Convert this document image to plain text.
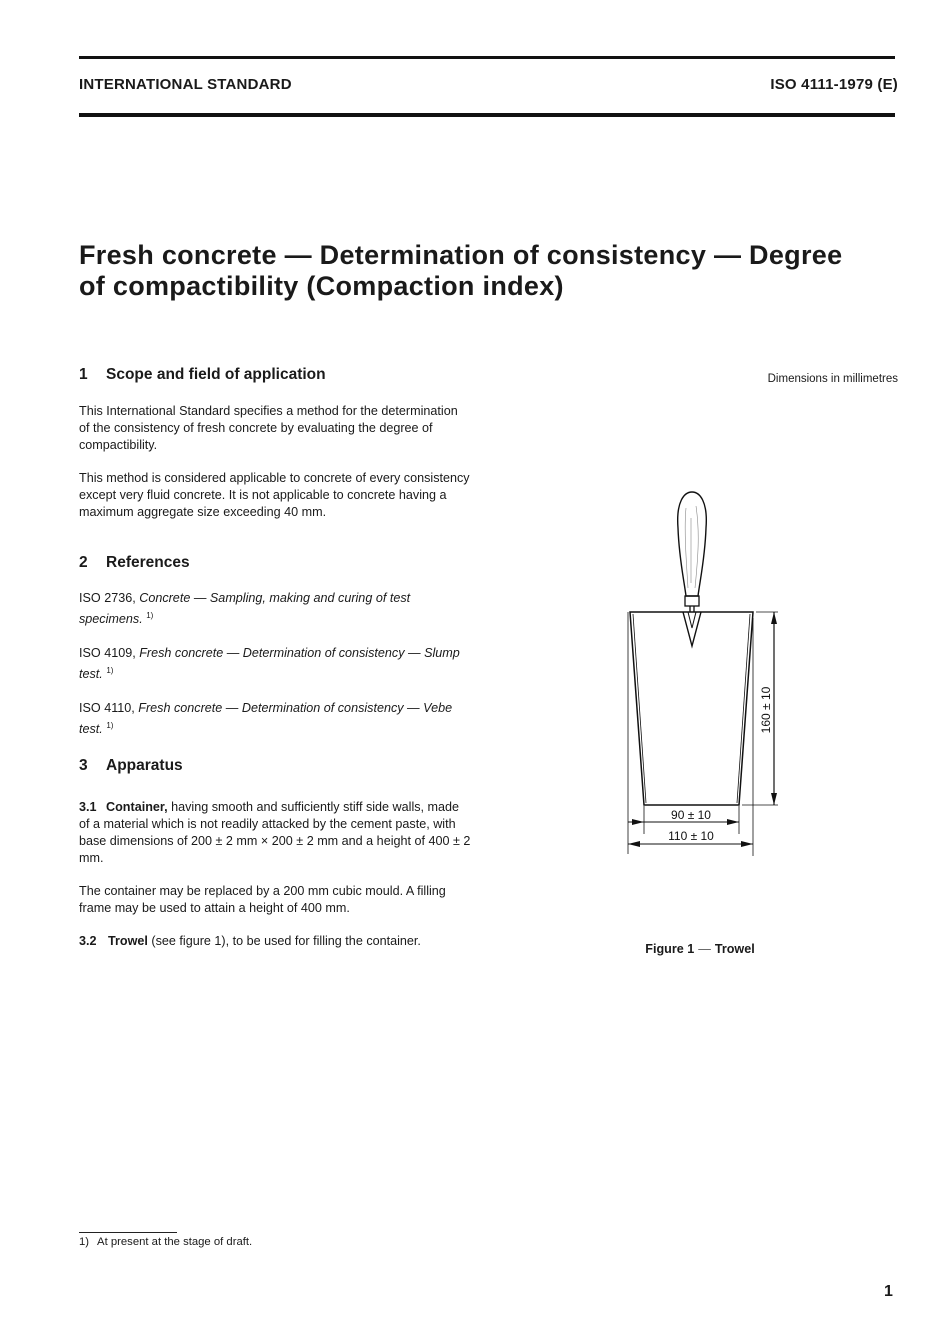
INTERNATIONAL STANDARD	ISO 4111-1979 (E)
Fresh concrete — Determination of consistency — Degree
of compactibility (Compaction index)
1	Scope and field of application

This International Standard specifies a method for the determination of the consistency of fresh concrete by evaluating the degree of compactibility.

This method is considered applicable to concrete of every consistency except very fluid concrete. It is not applicable to concrete having a maximum aggregate size exceeding 40 mm.

2	References

ISO 2736, Concrete — Sampling, making and curing of test specimens. $^{1)}$

ISO 4109, Fresh concrete — Determination of consistency — Slump test. $^{1)}$

ISO 4110, Fresh concrete — Determination of consistency — Vebe test. $^{1)}$

3	Apparatus

3.1 Container, having smooth and sufficiently stiff side walls, made of a material which is not readily attacked by the cement paste, with base dimensions of 200 ± 2 mm × 200 ± 2 mm and a height of 400 ± 2 mm.

The container may be replaced by a 200 mm cubic mould. A filling frame may be used to attain a height of 400 mm.

3.2 Trowel (see figure 1), to be used for filling the container.

Dimensions in millimetres
160 ± 10
90 ± 10
110 ± 10
Figure 1 — Trowel
1) At present at the stage of draft.
1
